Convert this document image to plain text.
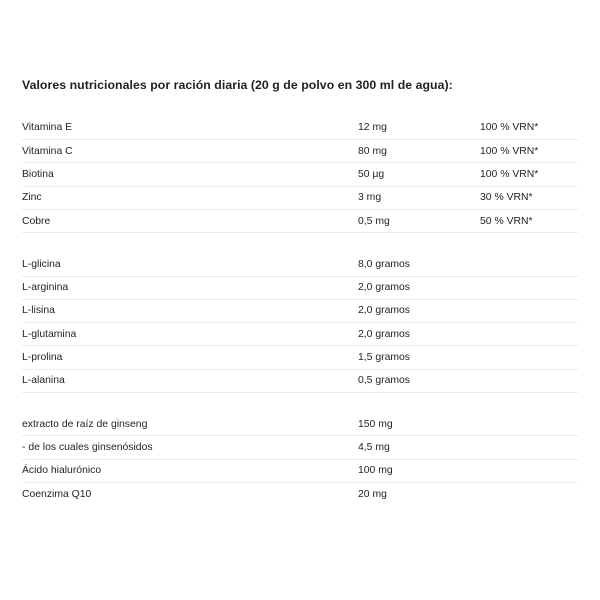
Valores nutricionales por ración diaria (20 g de polvo en 300 ml de agua):

Vitamina E	12 mg	100 % VRN*
Vitamina C	80 mg	100 % VRN*
Biotina	50 µg	100 % VRN*
Zinc	3 mg	30 % VRN*
Cobre	0,5 mg	50 % VRN*

L-glicina	8,0 gramos	
L-arginina	2,0 gramos	
L-lisina	2,0 gramos	
L-glutamina	2,0 gramos	
L-prolina	1,5 gramos	
L-alanina	0,5 gramos	

extracto de raíz de ginseng	150 mg	
- de los cuales ginsenósidos	4,5 mg	
Ácido hialurónico	100 mg	
Coenzima Q10	20 mg	
